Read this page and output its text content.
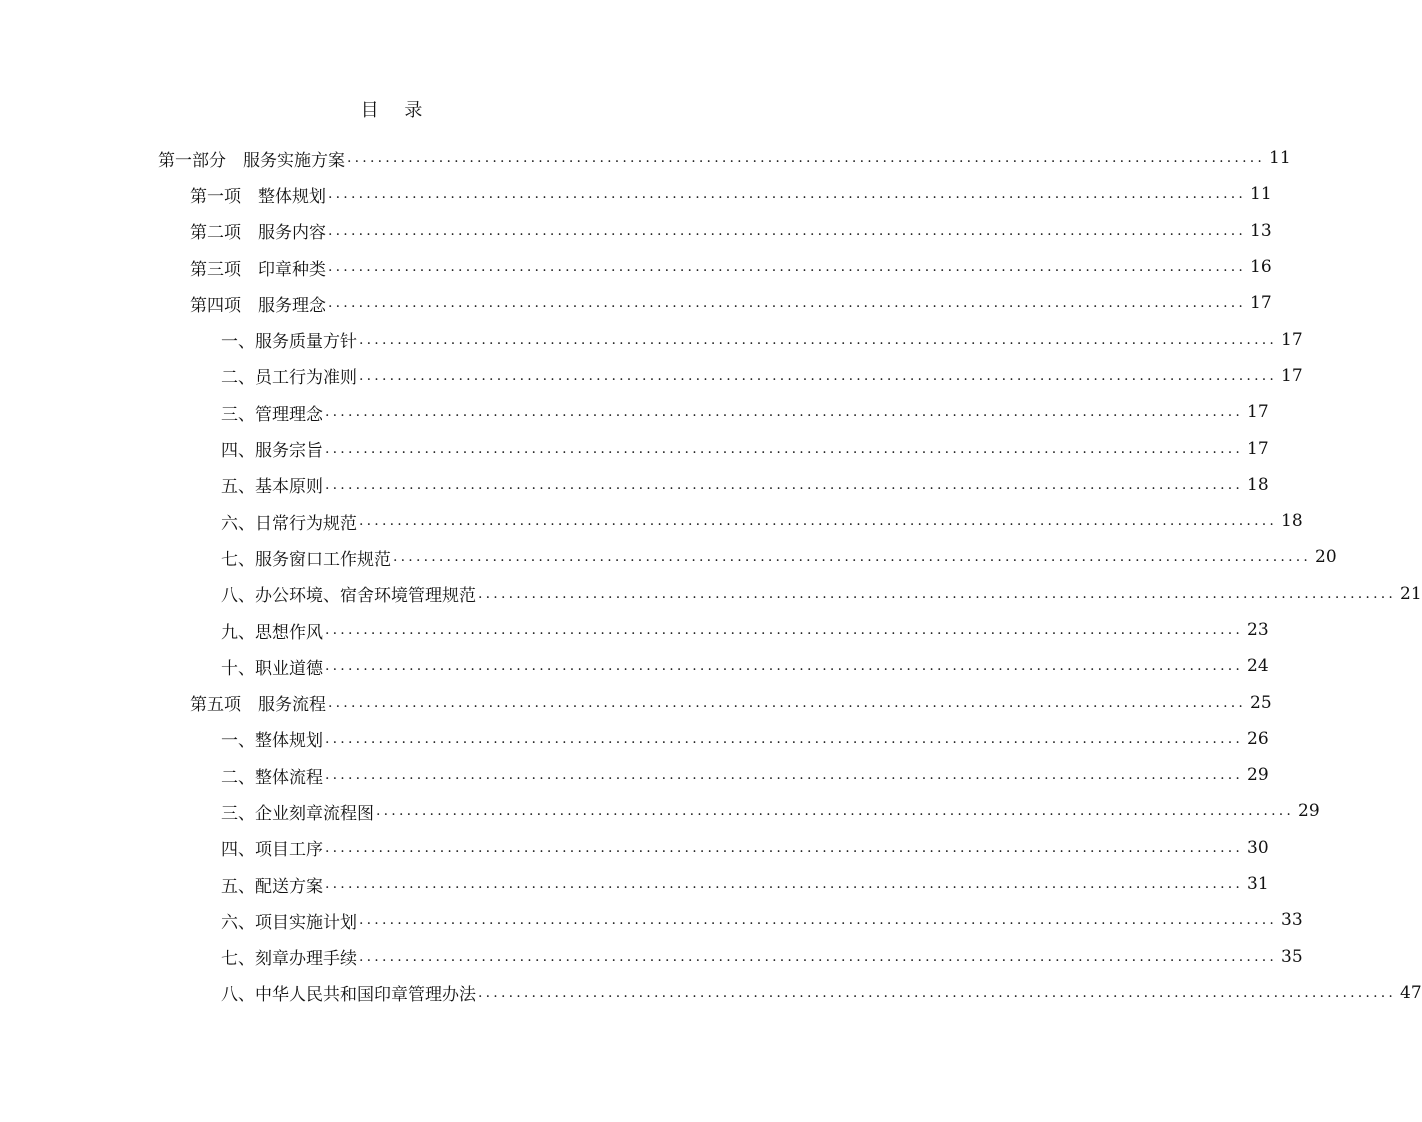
目 录
第一部分　服务实施方案 ........................................................................................................................ 11
第一项　整体规划 ........................................................................................................................ 11
第二项　服务内容 ........................................................................................................................ 13
第三项　印章种类 ........................................................................................................................ 16
第四项　服务理念 ........................................................................................................................ 17
一、服务质量方针 ........................................................................................................................ 17
二、员工行为准则 ........................................................................................................................ 17
三、管理理念 ........................................................................................................................ 17
四、服务宗旨 ........................................................................................................................ 17
五、基本原则 ........................................................................................................................ 18
六、日常行为规范 ........................................................................................................................ 18
七、服务窗口工作规范 ........................................................................................................................ 20
八、办公环境、宿舍环境管理规范 ........................................................................................................................ 21
九、思想作风 ........................................................................................................................ 23
十、职业道德 ........................................................................................................................ 24
第五项　服务流程 ........................................................................................................................ 25
一、整体规划 ........................................................................................................................ 26
二、整体流程 ........................................................................................................................ 29
三、企业刻章流程图 ........................................................................................................................ 29
四、项目工序 ........................................................................................................................ 30
五、配送方案 ........................................................................................................................ 31
六、项目实施计划 ........................................................................................................................ 33
七、刻章办理手续 ........................................................................................................................ 35
八、中华人民共和国印章管理办法 ........................................................................................................................ 47
